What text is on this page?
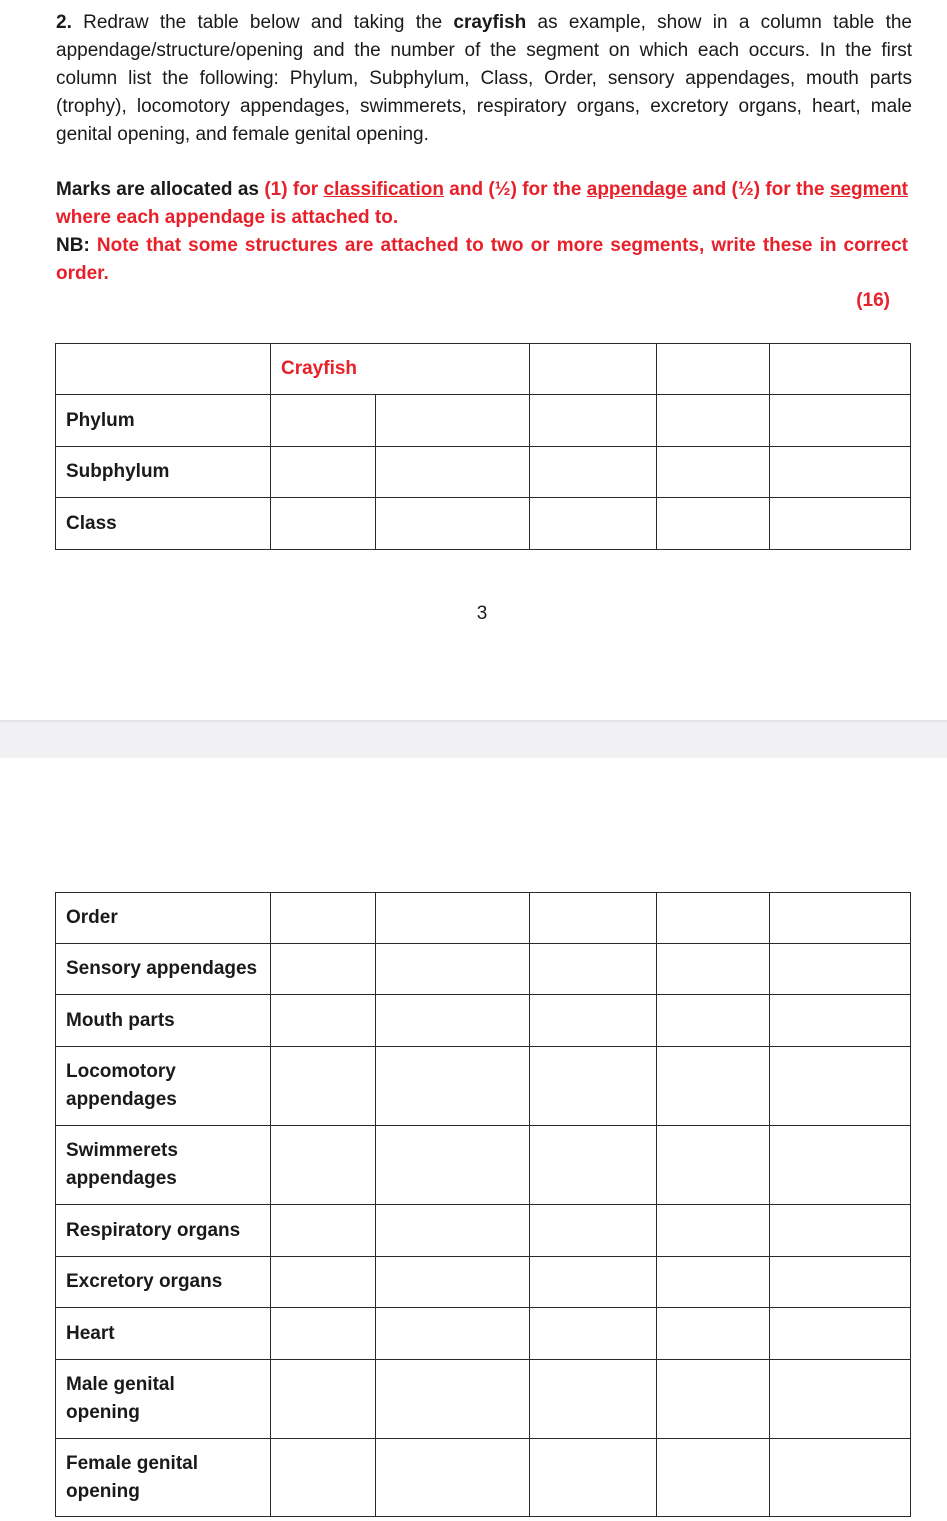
2. Redraw the table below and taking the crayfish as example, show in a column table the appendage/structure/opening and the number of the segment on which each occurs. In the first column list the following: Phylum, Subphylum, Class, Order, sensory appendages, mouth parts (trophy), locomotory appendages, swimmerets, respiratory organs, excretory organs, heart, male genital opening, and female genital opening.

Marks are allocated as (1) for classification and (½) for the appendage and (½) for the segment where each appendage is attached to.
NB: Note that some structures are attached to two or more segments, write these in correct order.

(16)
	Crayfish				
Phylum					
Subphylum					
Class					
3
Order					
Sensory appendages					
Mouth parts					

Locomotory appendages					

Swimmerets appendages					

Respiratory organs					
Excretory organs					
Heart					

Male genital opening					

Female genital opening					
